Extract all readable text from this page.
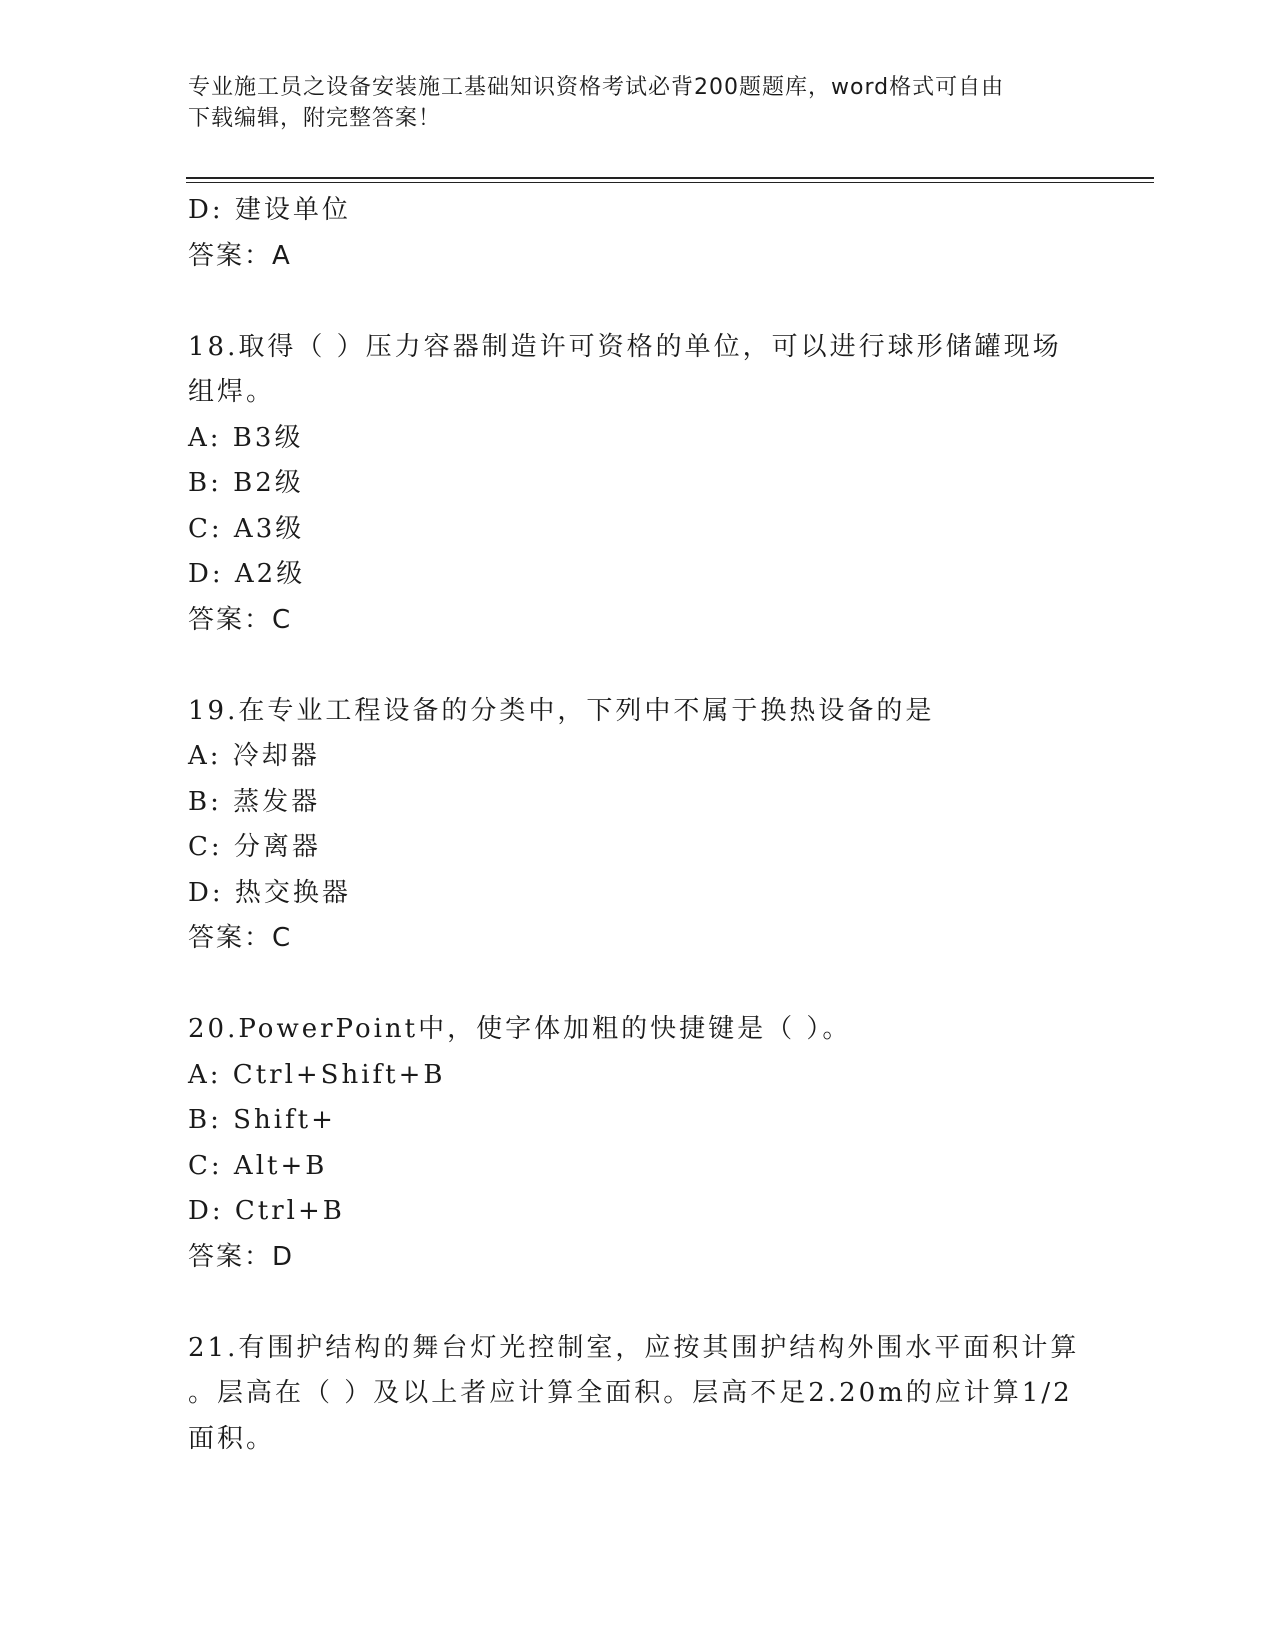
专业施工员之设备安装施工基础知识资格考试必背200题题库，word格式可自由
下载编辑，附完整答案！
D: 建设单位
答案：A
18.取得（ ）压力容器制造许可资格的单位，可以进行球形储罐现场
组焊。
A: B3级
B: B2级
C: A3级
D: A2级
答案：C
19.在专业工程设备的分类中，下列中不属于换热设备的是
A: 冷却器
B: 蒸发器
C: 分离器
D: 热交换器
答案：C
20.PowerPoint中，使字体加粗的快捷键是（ ）。
A: Ctrl+Shift+B
B: Shift+
C: Alt+B
D: Ctrl+B
答案：D
21.有围护结构的舞台灯光控制室，应按其围护结构外围水平面积计算
。层高在（ ）及以上者应计算全面积。层高不足2.20m的应计算1/2
面积。
